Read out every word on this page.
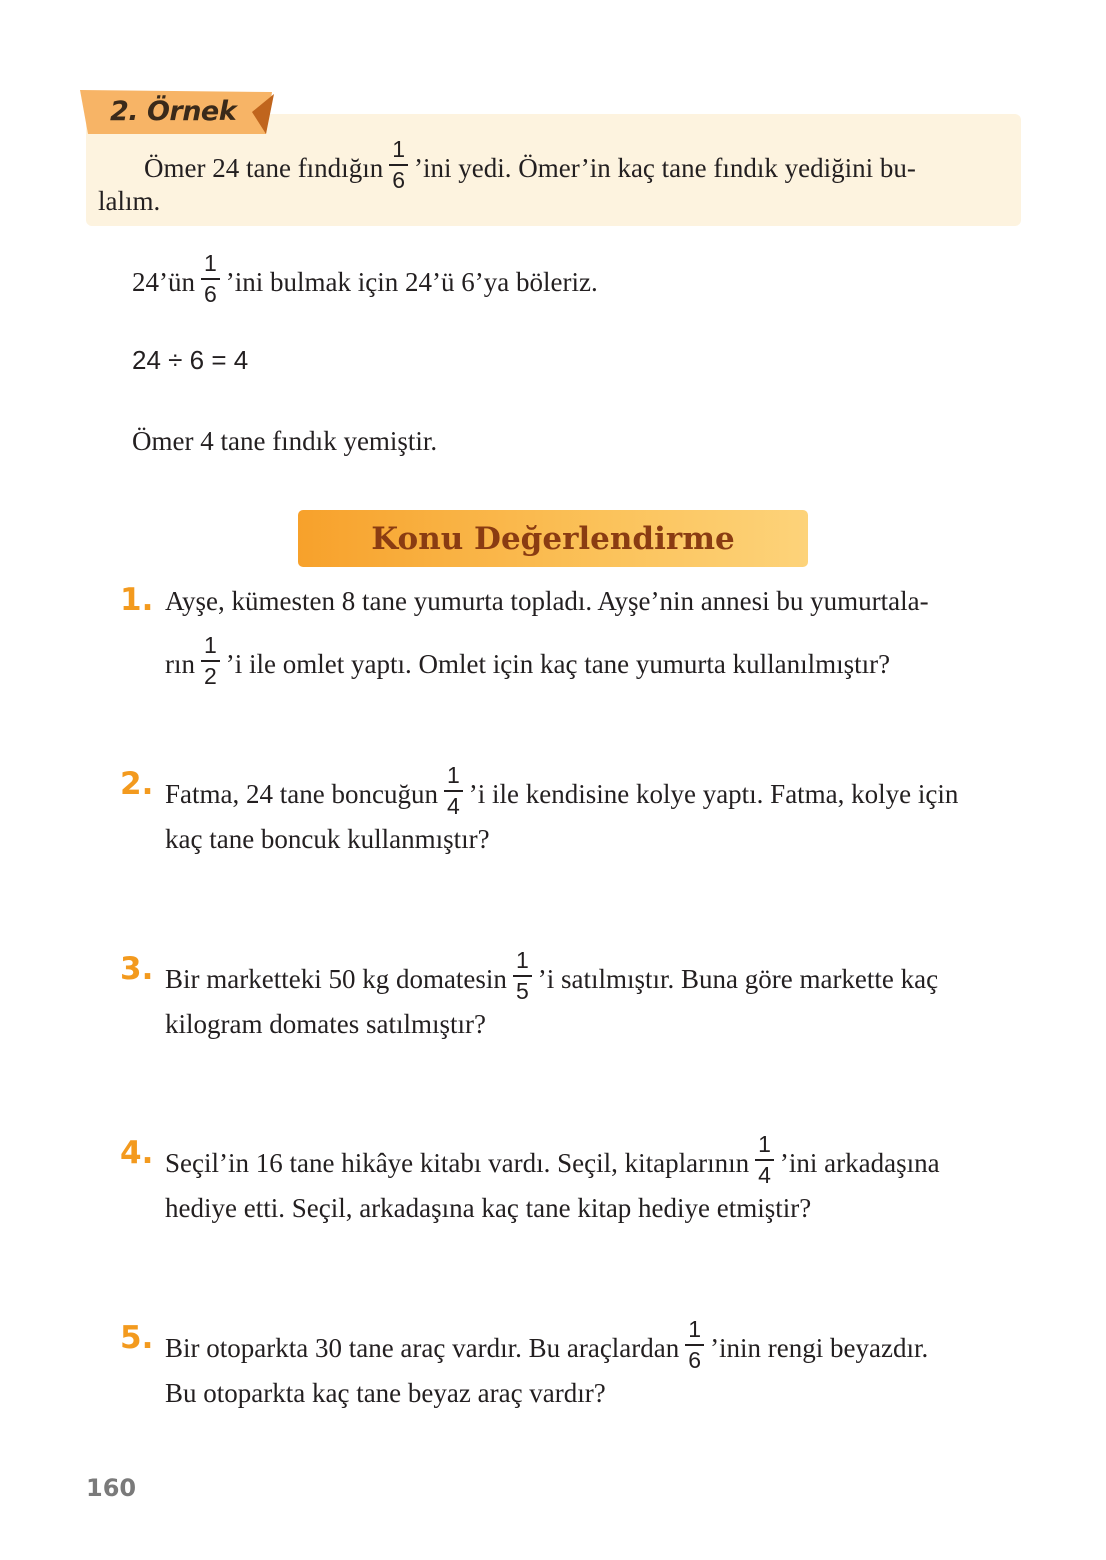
2. Örnek
Ömer 24 tane fındığın $\frac{1}{6}$ ’ini yedi. Ömer’in kaç tane fındık yediğini bu-
lalım.
24’ün $\frac{1}{6}$ ’ini bulmak için 24’ü 6’ya böleriz.
24 ÷ 6 = 4
Ömer 4 tane fındık yemiştir.
Konu Değerlendirme
1. Ayşe, kümesten 8 tane yumurta topladı. Ayşe’nin annesi bu yumurtala-
rın $\frac{1}{2}$ ’i ile omlet yaptı. Omlet için kaç tane yumurta kullanılmıştır?
2. Fatma, 24 tane boncuğun $\frac{1}{4}$ ’i ile kendisine kolye yaptı. Fatma, kolye için
kaç tane boncuk kullanmıştır?
3. Bir marketteki 50 kg domatesin $\frac{1}{5}$ ’i satılmıştır. Buna göre markette kaç
kilogram domates satılmıştır?
4. Seçil’in 16 tane hikâye kitabı vardı. Seçil, kitaplarının $\frac{1}{4}$ ’ini arkadaşına
hediye etti. Seçil, arkadaşına kaç tane kitap hediye etmiştir?
5. Bir otoparkta 30 tane araç vardır. Bu araçlardan $\frac{1}{6}$ ’inin rengi beyazdır.
Bu otoparkta kaç tane beyaz araç vardır?
160
